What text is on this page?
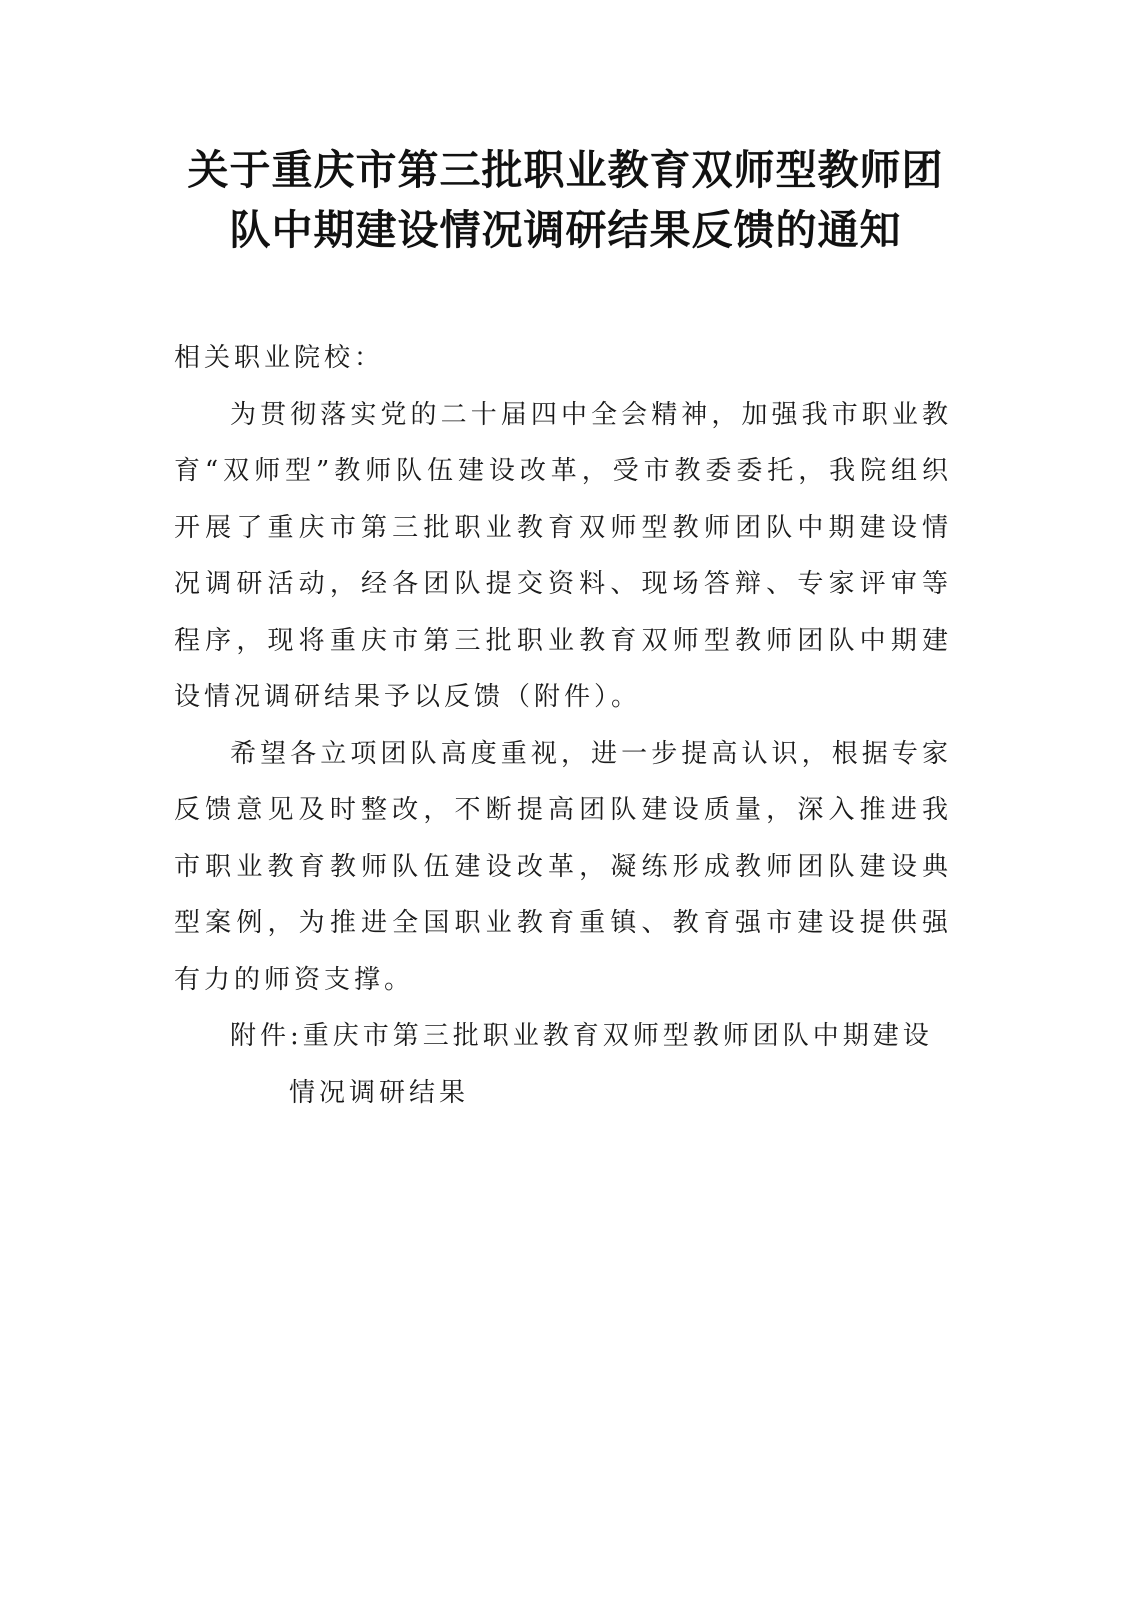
关于重庆市第三批职业教育双师型教师团
队中期建设情况调研结果反馈的通知

相关职业院校：

为贯彻落实党的二十届四中全会精神，加强我市职业教育“双师型”教师队伍建设改革，受市教委委托，我院组织开展了重庆市第三批职业教育双师型教师团队中期建设情况调研活动，经各团队提交资料、现场答辩、专家评审等程序，现将重庆市第三批职业教育双师型教师团队中期建设情况调研结果予以反馈（附件）。

希望各立项团队高度重视，进一步提高认识，根据专家反馈意见及时整改，不断提高团队建设质量，深入推进我市职业教育教师队伍建设改革，凝练形成教师团队建设典型案例，为推进全国职业教育重镇、教育强市建设提供强有力的师资支撑。

附件:重庆市第三批职业教育双师型教师团队中期建设情况调研结果
